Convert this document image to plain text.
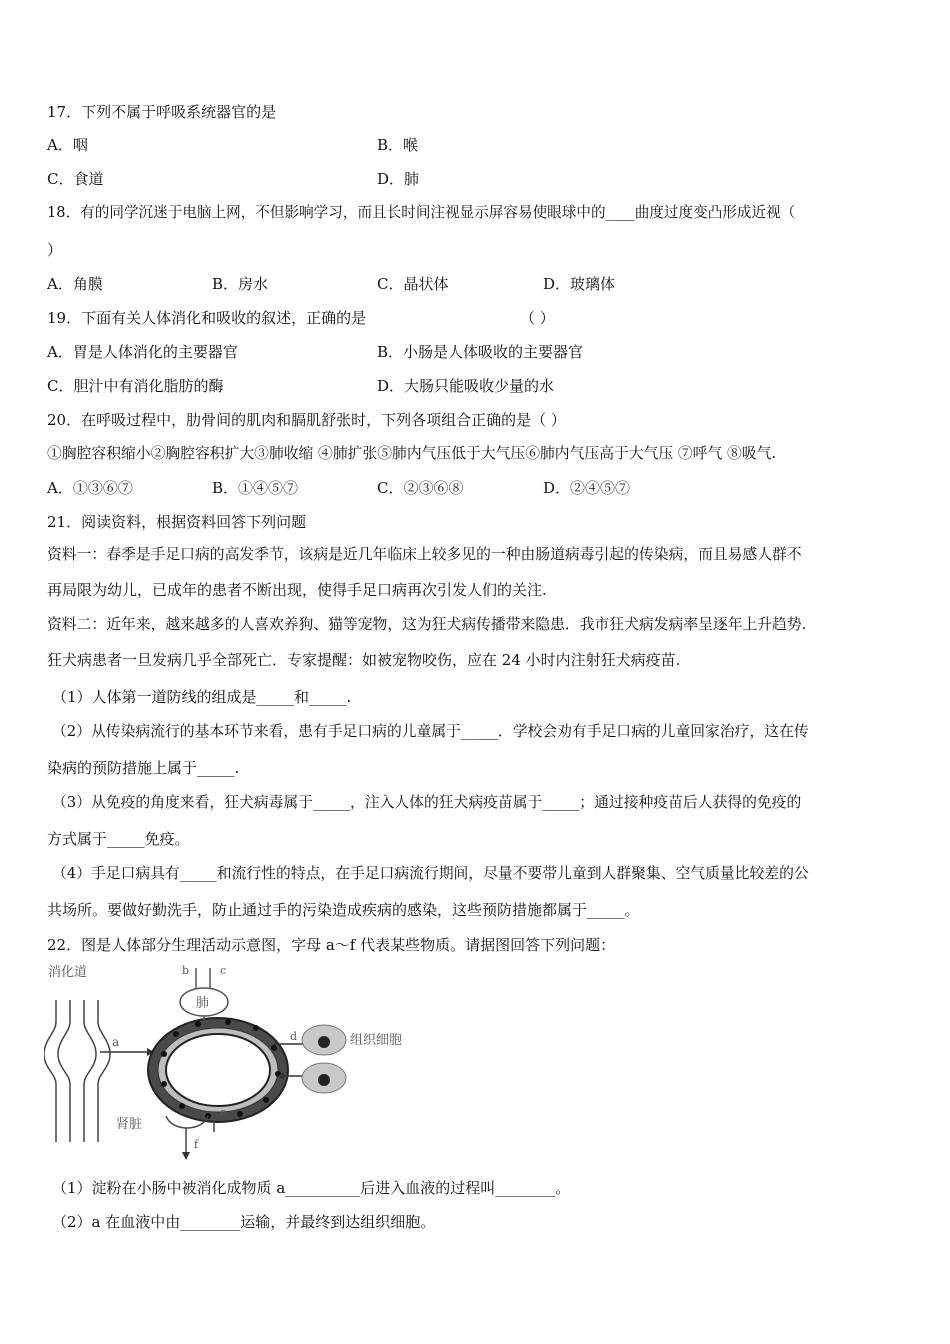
17．下列不属于呼吸系统器官的是
A．咽	B．喉
C．食道	D．肺
18．有的同学沉迷于电脑上网，不但影响学习，而且长时间注视显示屏容易使眼球中的____曲度过度变凸形成近视（
）
A．角膜	B．房水	C．晶状体	D．玻璃体
19．下面有关人体消化和吸收的叙述，正确的是	（ ）
A．胃是人体消化的主要器官	B．小肠是人体吸收的主要器官
C．胆汁中有消化脂肪的酶	D．大肠只能吸收少量的水
20．在呼吸过程中，肋骨间的肌肉和膈肌舒张时，下列各项组合正确的是（ ）
①胸腔容积缩小②胸腔容积扩大③肺收缩 ④肺扩张⑤肺内气压低于大气压⑥肺内气压高于大气压 ⑦呼气 ⑧吸气.
A．①③⑥⑦	B．①④⑤⑦	C．②③⑥⑧	D．②④⑤⑦
21．阅读资料，根据资料回答下列问题
资料一：春季是手足口病的高发季节，该病是近几年临床上较多见的一种由肠道病毒引起的传染病，而且易感人群不
再局限为幼儿，已成年的患者不断出现，使得手足口病再次引发人们的关注.
资料二：近年来，越来越多的人喜欢养狗、猫等宠物，这为狂犬病传播带来隐患．我市狂犬病发病率呈逐年上升趋势.
狂犬病患者一旦发病几乎全部死亡．专家提醒：如被宠物咬伤，应在 24 小时内注射狂犬病疫苗.
（1）人体第一道防线的组成是_____和_____.
（2）从传染病流行的基本环节来看，患有手足口病的儿童属于_____．学校会劝有手足口病的儿童回家治疗，这在传
染病的预防措施上属于_____.
（3）从免疫的角度来看，狂犬病毒属于_____，注入人体的狂犬病疫苗属于_____；通过接种疫苗后人获得的免疫的
方式属于_____免疫。
（4）手足口病具有_____和流行性的特点，在手足口病流行期间，尽量不要带儿童到人群聚集、空气质量比较差的公
共场所。要做好勤洗手，防止通过手的污染造成疾病的感染，这些预防措施都属于_____。
22．图是人体部分生理活动示意图，字母 a～f 代表某些物质。请据图回答下列问题：
消化道
a
肺
b	c
组织细胞
d
肾脏
e
f
（1）淀粉在小肠中被消化成物质 a__________后进入血液的过程叫________。
（2）a 在血液中由________运输，并最终到达组织细胞。
